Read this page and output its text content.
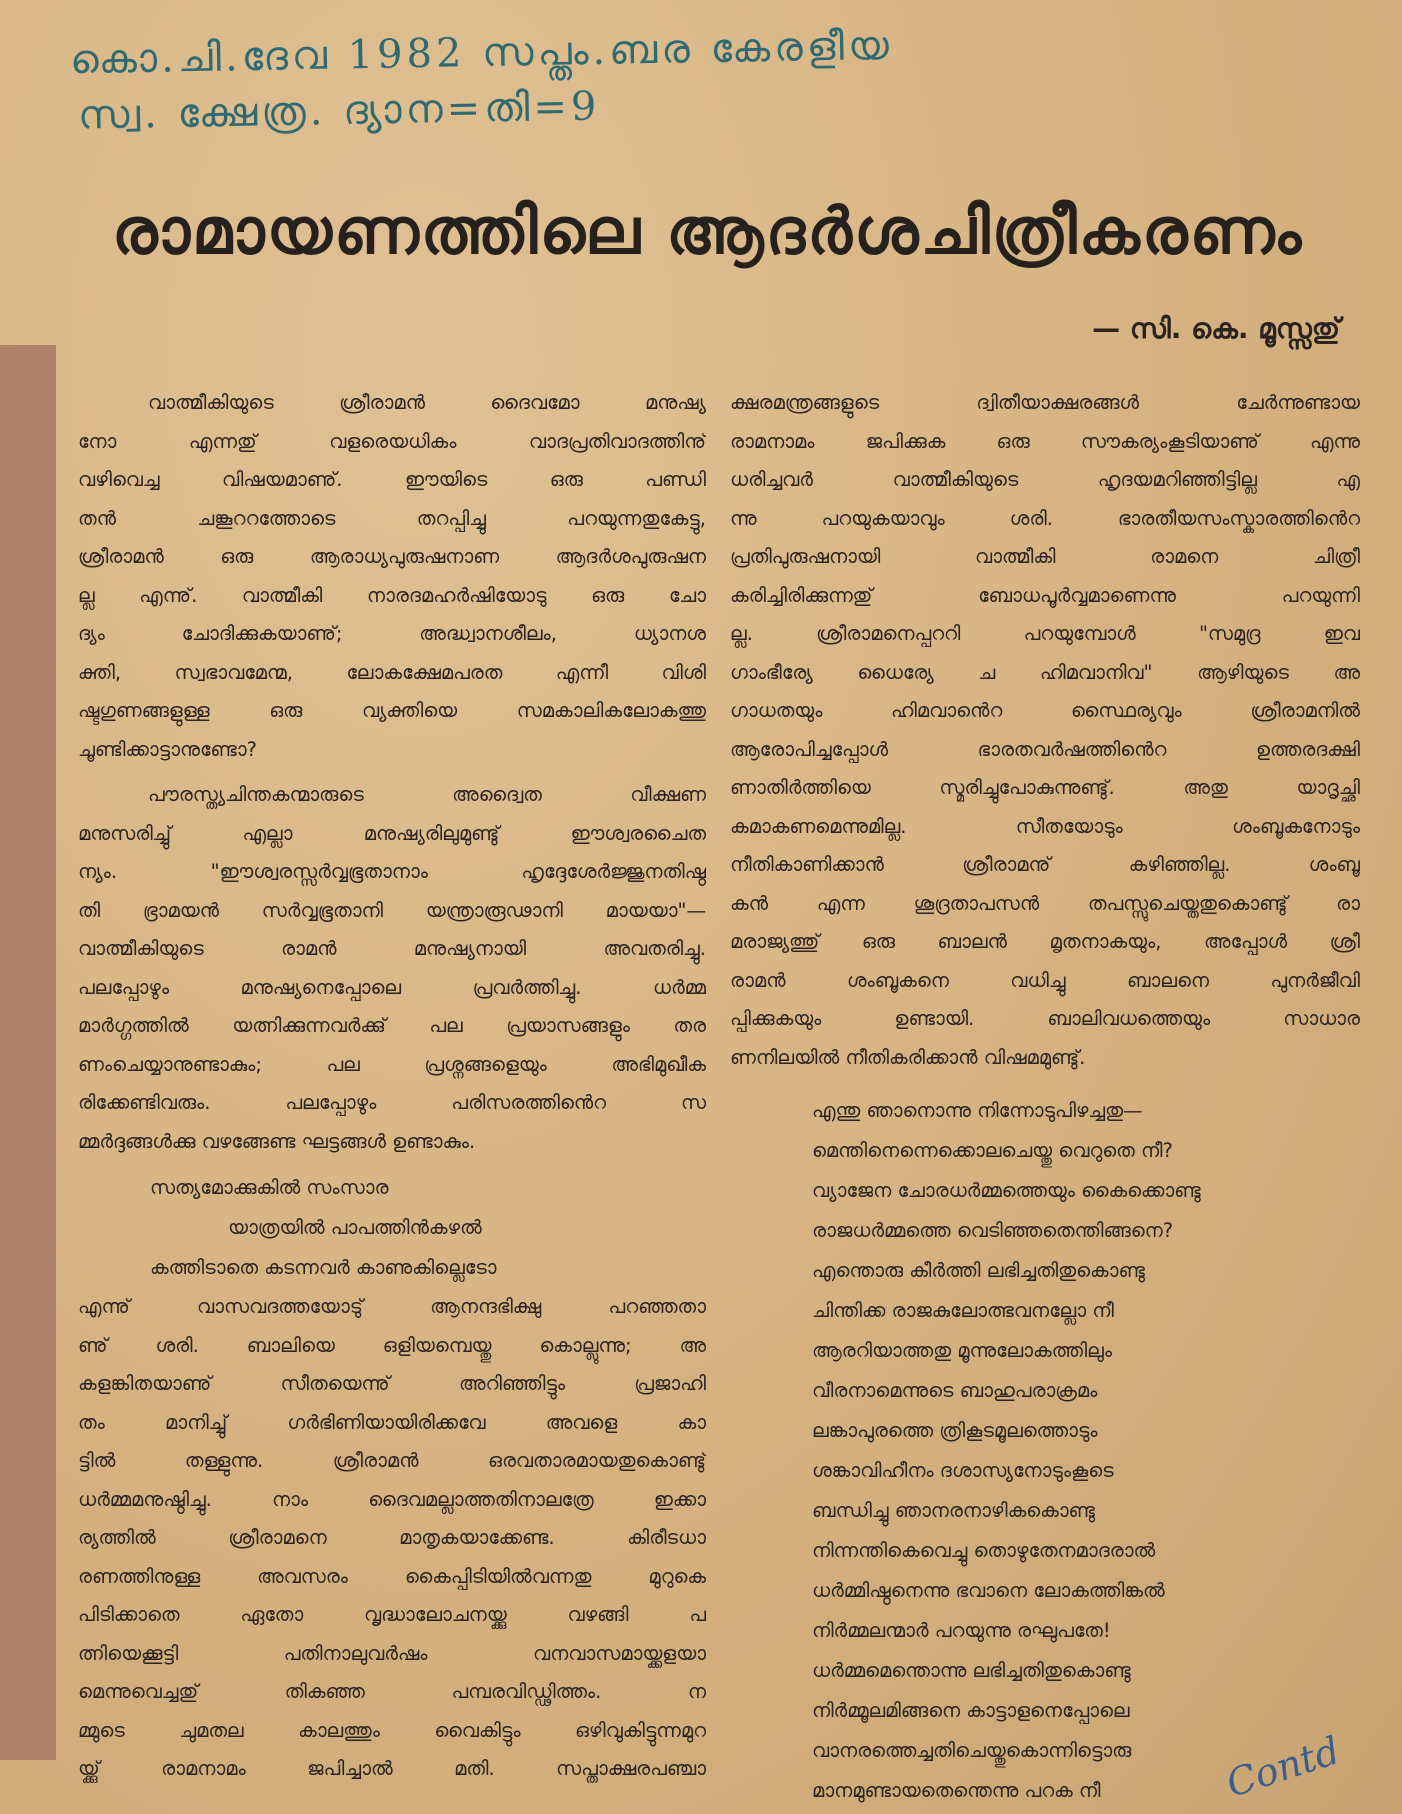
കൊ.ചി.ദേവ 1982 സപ്തം.ബര കേരളീയ
സ്വ. ക്ഷേത്ര. ദ്യാന=തി=9
രാമായണത്തിലെ ആദർശചിത്രീകരണം
— സി. കെ. മൂസ്സതു്
വാത്മീകിയുടെ ശ്രീരാമൻ ദൈവമോ മനുഷ്യ
നോ എന്നതു് വളരെയധികം വാദപ്രതിവാദത്തിനു്
വഴിവെച്ച വിഷയമാണു്. ഈയിടെ ഒരു പണ്ഡി
തൻ ചങ്കൂററത്തോടെ തറപ്പിച്ചു പറയുന്നതുകേട്ടു,
ശ്രീരാമൻ ഒരു ആരാധ്യപുരുഷനാണ ആദർശപുരുഷന
ല്ല എന്നു്. വാത്മീകി നാരദമഹർഷിയോടു ഒരു ചോ
ദ്യം ചോദിക്കുകയാണു്; അദ്ധ്വാനശീലം, ധ്യാനശ
ക്തി, സ്വഭാവമേന്മ, ലോകക്ഷേമപരത എന്നീ വിശി
ഷ്ടഗുണങ്ങളുള്ള ഒരു വ്യക്തിയെ സമകാലികലോകത്തു
ചൂണ്ടിക്കാട്ടാനുണ്ടോ?
പൗരസ്ത്യചിന്തകന്മാരുടെ അദ്വൈത വീക്ഷണ
മനുസരിച്ചു് എല്ലാ മനുഷ്യരിലുമുണ്ടു് ഈശ്വരചൈത
ന്യം. "ഈശ്വരസ്സർവ്വഭൂതാനാം ഹൃദ്ദേശേർജ്ജുനതിഷ്ഠ
തി ഭ്രാമയൻ സർവ്വഭൂതാനി യന്ത്രാരൂഢാനി മായയാ"—
വാത്മീകിയുടെ രാമൻ മനുഷ്യനായി അവതരിച്ചു.
പലപ്പോഴും മനുഷ്യനെപ്പോലെ പ്രവർത്തിച്ചു. ധർമ്മ
മാർഗ്ഗത്തിൽ യത്നിക്കുന്നവർക്കു് പല പ്രയാസങ്ങളും തര
ണംചെയ്യാനുണ്ടാകും; പല പ്രശ്നങ്ങളെയും അഭിമുഖീക
രിക്കേണ്ടിവരും. പലപ്പോഴും പരിസരത്തിൻെറ സ
മ്മർദ്ദങ്ങൾക്കു വഴങ്ങേണ്ട ഘട്ടങ്ങൾ ഉണ്ടാകും.
സത്യമോക്കുകിൽ സംസാര
യാത്രയിൽ പാപത്തിൻകഴൽ
കത്തിടാതെ കടന്നവർ കാണുകില്ലെടോ
എന്നു് വാസവദത്തയോടു് ആനന്ദഭിക്ഷു പറഞ്ഞതാ
ണു് ശരി. ബാലിയെ ഒളിയമ്പെയ്തു കൊല്ലുന്നു; അ
കളങ്കിതയാണു് സീതയെന്നു് അറിഞ്ഞിട്ടും പ്രജാഹി
തം മാനിച്ചു് ഗർഭിണിയായിരിക്കവേ അവളെ കാ
ട്ടിൽ തള്ളുന്നു. ശ്രീരാമൻ ഒരവതാരമായതുകൊണ്ടു്
ധർമ്മമനുഷ്ഠിച്ചു. നാം ദൈവമല്ലാത്തതിനാലത്രേ ഇക്കാ
ര്യത്തിൽ ശ്രീരാമനെ മാതൃകയാക്കേണ്ട. കിരീടധാ
രണത്തിനുള്ള അവസരം കൈപ്പിടിയിൽവന്നതു മുറുകെ
പിടിക്കാതെ ഏതോ വൃദ്ധാലോചനയ്ക്കു വഴങ്ങി പ
ത്നിയെക്കൂട്ടി പതിനാലുവർഷം വനവാസമായ്ക്കളയാ
മെന്നുവെച്ചതു് തികഞ്ഞ പമ്പരവിഡ്ഢിത്തം. ന
മ്മുടെ ചുമതല കാലത്തും വൈകിട്ടും ഒഴിവുകിട്ടുന്നമുറ
യ്ക്കു് രാമനാമം ജപിച്ചാൽ മതി. സപ്താക്ഷരപഞ്ചാ
ക്ഷരമന്ത്രങ്ങളുടെ ദ്വിതീയാക്ഷരങ്ങൾ ചേർന്നുണ്ടായ
രാമനാമം ജപിക്കുക ഒരു സൗകര്യംകൂടിയാണു് എന്നു
ധരിച്ചവർ വാത്മീകിയുടെ ഹൃദയമറിഞ്ഞിട്ടില്ല എ
ന്നു പറയുകയാവും ശരി. ഭാരതീയസംസ്കാരത്തിൻെറ
പ്രതിപുരുഷനായി വാത്മീകി രാമനെ ചിത്രീ
കരിച്ചിരിക്കുന്നതു് ബോധപൂർവ്വമാണെന്നു പറയുന്നി
ല്ല. ശ്രീരാമനെപ്പററി പറയുമ്പോൾ "സമുദ്ര ഇവ
ഗാംഭീര്യേ ധൈര്യേ ച ഹിമവാനിവ" ആഴിയുടെ അ
ഗാധതയും ഹിമവാൻെറ സ്ഥൈര്യവും ശ്രീരാമനിൽ
ആരോപിച്ചപ്പോൾ ഭാരതവർഷത്തിൻെറ ഉത്തരദക്ഷി
ണാതിർത്തിയെ സ്മരിച്ചുപോകുന്നുണ്ടു്. അതു യാദൃച്ഛി
കമാകണമെന്നുമില്ല. സീതയോടും ശംബൂകനോടും
നീതികാണിക്കാൻ ശ്രീരാമനു് കഴിഞ്ഞില്ല. ശംബൂ
കൻ എന്ന ശൂദ്രതാപസൻ തപസ്സുചെയ്തതുകൊണ്ടു് രാ
മരാജ്യത്തു് ഒരു ബാലൻ മൃതനാകയും, അപ്പോൾ ശ്രീ
രാമൻ ശംബൂകനെ വധിച്ചു ബാലനെ പുനർജീവി
പ്പിക്കുകയും ഉണ്ടായി. ബാലിവധത്തെയും സാധാര
ണനിലയിൽ നീതികരിക്കാൻ വിഷമമുണ്ടു്.
എന്തു ഞാനൊന്നു നിന്നോടുപിഴച്ചതു—
മെന്തിനെന്നെക്കൊലചെയ്തു വെറുതെ നീ?
വ്യാജേന ചോരധർമ്മത്തെയും കൈക്കൊണ്ടു
രാജധർമ്മത്തെ വെടിഞ്ഞതെന്തിങ്ങനെ?
എന്തൊരു കീർത്തി ലഭിച്ചതിതുകൊണ്ടു
ചിന്തിക്ക രാജകുലോത്ഭവനല്ലോ നീ
ആരറിയാത്തതു മൂന്നുലോകത്തിലും
വീരനാമെന്നുടെ ബാഹുപരാക്രമം
ലങ്കാപുരത്തെ ത്രികൂടമൂലത്തൊടും
ശങ്കാവിഹീനം ദശാസ്യനോടുംകൂടെ
ബന്ധിച്ചു ഞാനരനാഴികകൊണ്ടു
നിന്നന്തികെവെച്ചു തൊഴുതേനമാദരാൽ
ധർമ്മിഷ്ഠനെന്നു ഭവാനെ ലോകത്തിങ്കൽ
നിർമ്മലന്മാർ പറയുന്നു രഘുപതേ!
ധർമ്മമെന്തൊന്നു ലഭിച്ചതിതുകൊണ്ടു
നിർമ്മൂലമിങ്ങനെ കാട്ടാളനെപ്പോലെ
വാനരത്തെച്ചതിചെയ്തുകൊന്നിട്ടൊരു
മാനമുണ്ടായതെന്തെന്നു പറക നീ	Contd
